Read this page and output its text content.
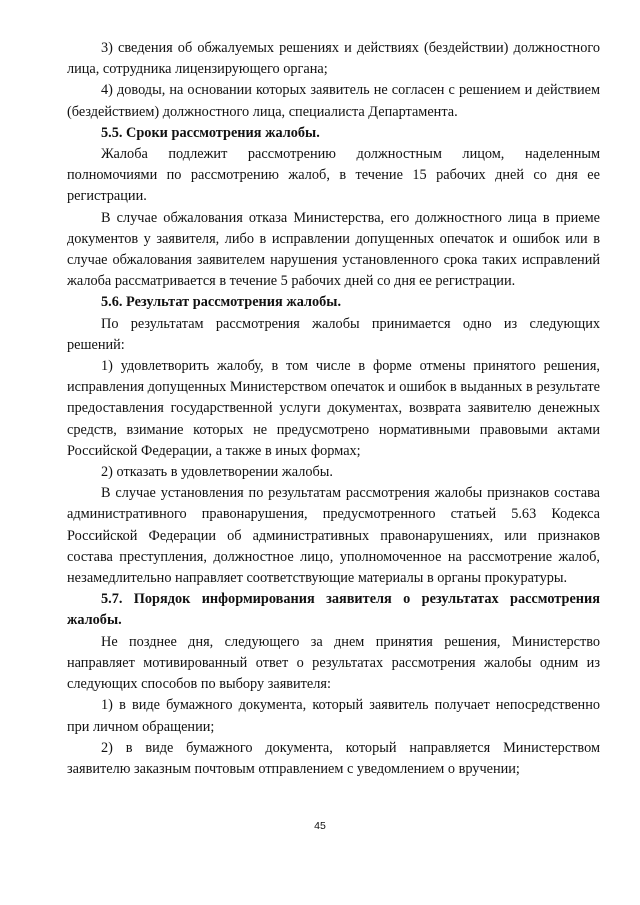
3) сведения об обжалуемых решениях и действиях (бездействии) должностного лица, сотрудника лицензирующего органа;

4) доводы, на основании которых заявитель не согласен с решением и действием (бездействием) должностного лица, специалиста Департамента.

5.5. Сроки рассмотрения жалобы.

Жалоба подлежит рассмотрению должностным лицом, наделенным полномочиями по рассмотрению жалоб, в течение 15 рабочих дней со дня ее регистрации.

В случае обжалования отказа Министерства, его должностного лица в приеме документов у заявителя, либо в исправлении допущенных опечаток и ошибок или в случае обжалования заявителем нарушения установленного срока таких исправлений жалоба рассматривается в течение 5 рабочих дней со дня ее регистрации.

5.6. Результат рассмотрения жалобы.

По результатам рассмотрения жалобы принимается одно из следующих решений:

1) удовлетворить жалобу, в том числе в форме отмены принятого решения, исправления допущенных Министерством опечаток и ошибок в выданных в результате предоставления государственной услуги документах, возврата заявителю денежных средств, взимание которых не предусмотрено нормативными правовыми актами Российской Федерации, а также в иных формах;

2) отказать в удовлетворении жалобы.

В случае установления по результатам рассмотрения жалобы признаков состава административного правонарушения, предусмотренного статьей 5.63 Кодекса Российской Федерации об административных правонарушениях, или признаков состава преступления, должностное лицо, уполномоченное на рассмотрение жалоб, незамедлительно направляет соответствующие материалы в органы прокуратуры.

5.7. Порядок информирования заявителя о результатах рассмотрения жалобы.

Не позднее дня, следующего за днем принятия решения, Министерство направляет мотивированный ответ о результатах рассмотрения жалобы одним из следующих способов по выбору заявителя:

1) в виде бумажного документа, который заявитель получает непосредственно при личном обращении;

2) в виде бумажного документа, который направляется Министерством заявителю заказным почтовым отправлением с уведомлением о вручении;

45
